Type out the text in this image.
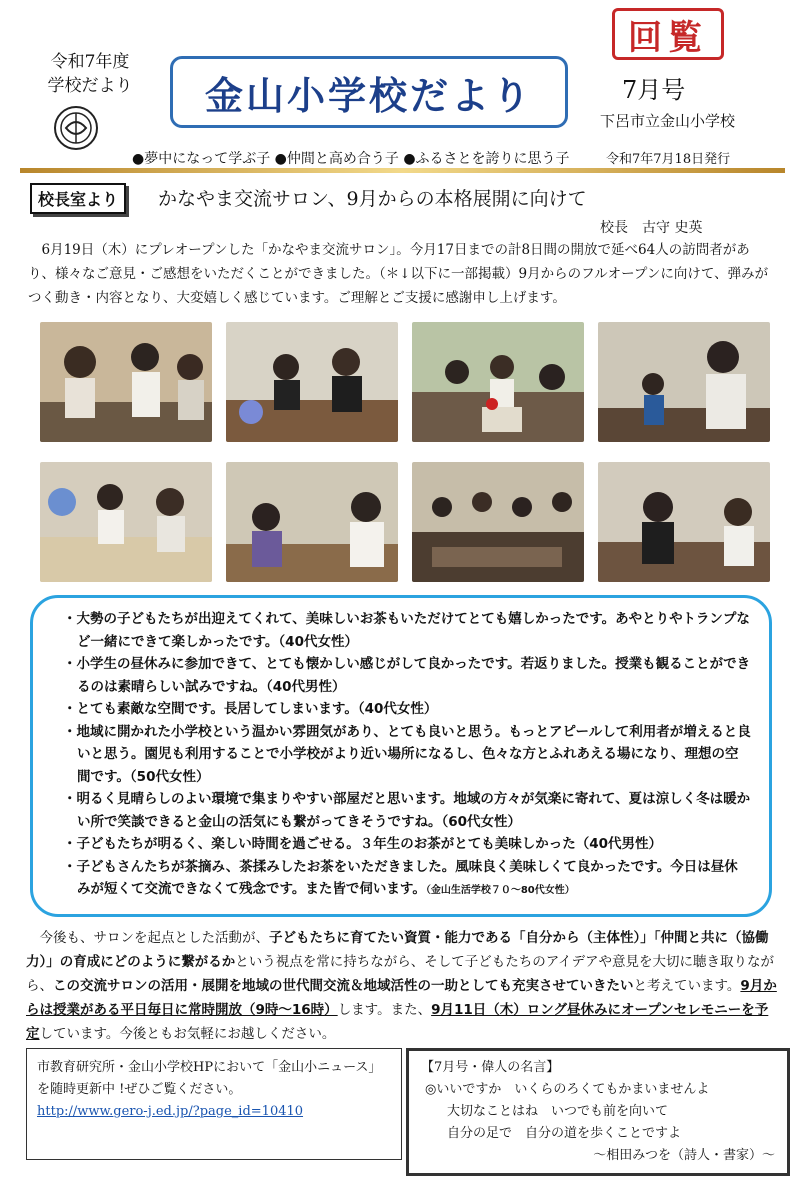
令和7年度
学校だより	金山小学校だより
回覧
7月号
下呂市立金山小学校
●夢中になって学ぶ子 ●仲間と高め合う子 ●ふるさとを誇りに思う子	令和7年7月18日発行
校長室より	かなやま交流サロン、9月からの本格展開に向けて
校長　古守 史英

6月19日（木）にプレオープンした「かなやま交流サロン」。今月17日までの計8日間の開放で延べ64人の訪問者があり、様々なご意見・ご感想をいただくことができました。（＊↓以下に一部掲載）9月からのフルオープンに向けて、弾みがつく動き・内容となり、大変嬉しく感じています。ご理解とご支援に感謝申し上げます。

・ 大勢の子どもたちが出迎えてくれて、美味しいお茶もいただけてとても嬉しかったです。あやとりやトランプなど一緒にできて楽しかったです。（40代女性）
・ 小学生の昼休みに参加できて、とても懐かしい感じがして良かったです。若返りました。授業も観ることができるのは素晴らしい試みですね。（40代男性）
・ とても素敵な空間です。長居してしまいます。（40代女性）
・ 地域に開かれた小学校という温かい雰囲気があり、とても良いと思う。もっとアピールして利用者が増えると良いと思う。園児も利用することで小学校がより近い場所になるし、色々な方とふれあえる場になり、理想の空間です。（50代女性）
・ 明るく見晴らしのよい環境で集まりやすい部屋だと思います。地域の方々が気楽に寄れて、夏は涼しく冬は暖かい所で笑談できると金山の活気にも繋がってきそうですね。（60代女性）
・ 子どもたちが明るく、楽しい時間を過ごせる。３年生のお茶がとても美味しかった（40代男性）
・ 子どもさんたちが茶摘み、茶揉みしたお茶をいただきました。風味良く美味しくて良かったです。今日は昼休みが短くて交流できなくて残念です。また皆で伺います。（金山生活学校７０～80代女性）

　今後も、サロンを起点とした活動が、子どもたちに育てたい資質・能力である「自分から（主体性）」「仲間と共に（協働力）」の育成にどのように繋がるかという視点を常に持ちながら、そして子どもたちのアイデアや意見を大切に聴き取りながら、この交流サロンの活用・展開を地域の世代間交流＆地域活性の一助としても充実させていきたいと考えています。9月からは授業がある平日毎日に常時開放（9時～16時）します。また、9月11日（木）ロング昼休みにオープンセレモニーを予定しています。今後ともお気軽にお越しください。

市教育研究所・金山小学校HPにおいて「金山小ニュース」を随時更新中 !ぜひご覧ください。
http://www.gero-j.ed.jp/?page_id=10410
【7月号・偉人の名言】
◎いいですか　いくらのろくてもかまいませんよ
大切なことはね　いつでも前を向いて
自分の足で　自分の道を歩くことですよ
～相田みつを（詩人・書家）～
